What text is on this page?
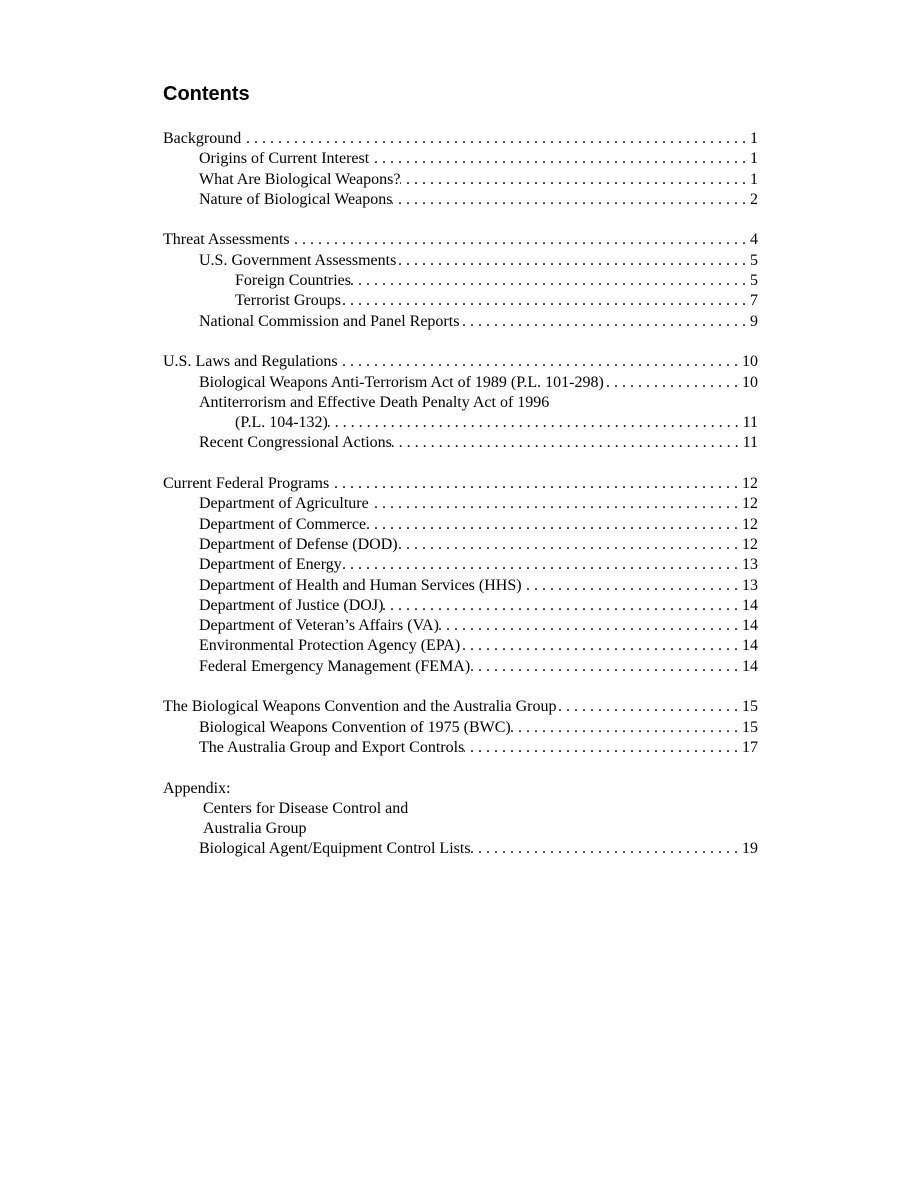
Contents
Background . . .	1
Origins of Current Interest . . .	1
What Are Biological Weapons? . . .	1
Nature of Biological Weapons . . .	2
Threat Assessments . . .	4
U.S. Government Assessments . . .	5
Foreign Countries . . .	5
Terrorist Groups . . .	7
National Commission and Panel Reports . . .	9
U.S. Laws and Regulations . . .	10
Biological Weapons Anti-Terrorism Act of 1989 (P.L. 101-298) . . .	10
Antiterrorism and Effective Death Penalty Act of 1996
(P.L. 104-132) . . .	11
Recent Congressional Actions . . .	11
Current Federal Programs . . .	12
Department of Agriculture . . .	12
Department of Commerce . . .	12
Department of Defense (DOD) . . .	12
Department of Energy . . .	13
Department of Health and Human Services (HHS) . . .	13
Department of Justice (DOJ) . . .	14
Department of Veteran’s Affairs (VA) . . .	14
Environmental Protection Agency (EPA) . . .	14
Federal Emergency Management (FEMA) . . .	14
The Biological Weapons Convention and the Australia Group . . .	15
Biological Weapons Convention of 1975 (BWC) . . .	15
The Australia Group and Export Controls . . .	17
Appendix:
Centers for Disease Control and
Australia Group
Biological Agent/Equipment Control Lists . . .	19
